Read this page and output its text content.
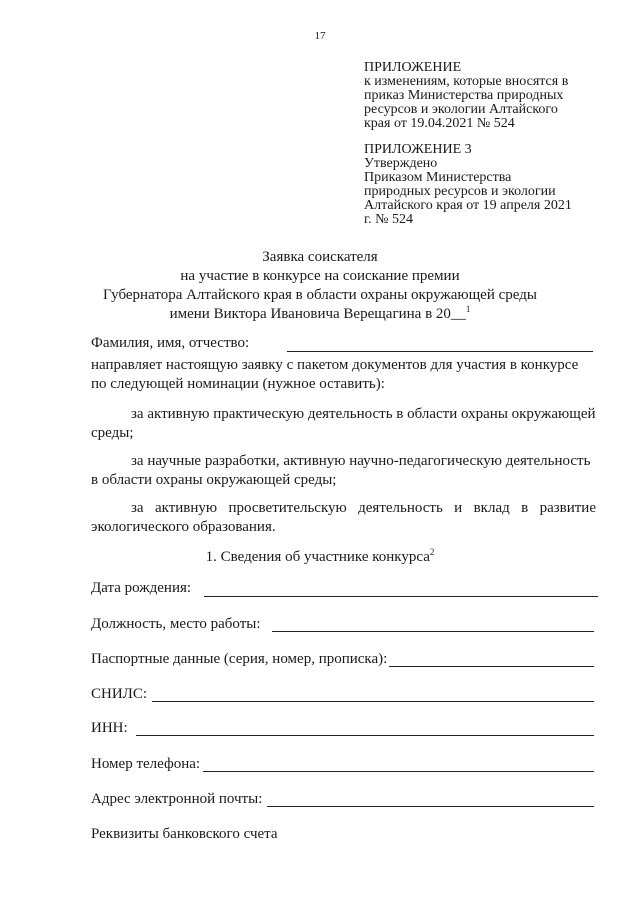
17
ПРИЛОЖЕНИЕ
к изменениям, которые вносятся в
приказ Министерства природных
ресурсов и экологии Алтайского
края от 19.04.2021 № 524
ПРИЛОЖЕНИЕ 3
Утверждено
Приказом Министерства
природных ресурсов и экологии
Алтайского края от 19 апреля 2021
г. № 524
Заявка соискателя
на участие в конкурсе на соискание премии
Губернатора Алтайского края в области охраны окружающей среды
имени Виктора Ивановича Верещагина в 20__$^1$
Фамилия, имя, отчество:
направляет настоящую заявку с пакетом документов для участия в конкурсе
по следующей номинации (нужное оставить):
за активную практическую деятельность в области охраны окружающей
среды;
за научные разработки, активную научно-педагогическую деятельность
в области охраны окружающей среды;
за активную просветительскую деятельность и вклад в развитие
экологического образования.
1. Сведения об участнике конкурса$^2$
Дата рождения:
Должность, место работы:
Паспортные данные (серия, номер, прописка):
СНИЛС:
ИНН:
Номер телефона:
Адрес электронной почты:
Реквизиты банковского счета
